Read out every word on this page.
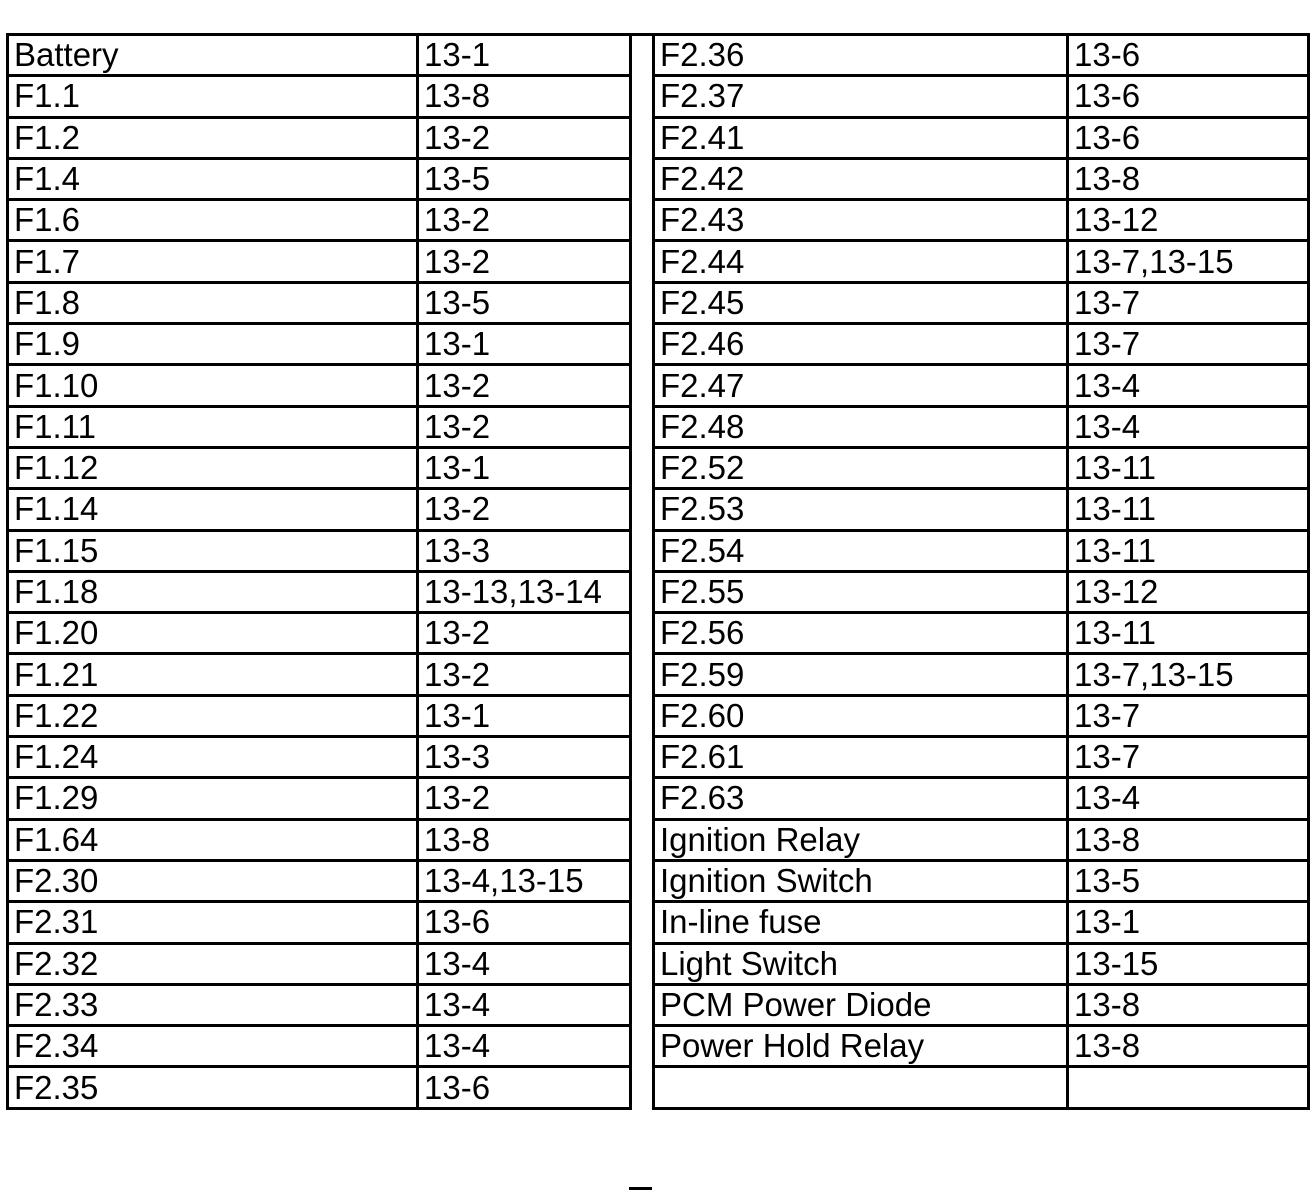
Battery	13-1
F1.1	13-8
F1.2	13-2
F1.4	13-5
F1.6	13-2
F1.7	13-2
F1.8	13-5
F1.9	13-1
F1.10	13-2
F1.11	13-2
F1.12	13-1
F1.14	13-2
F1.15	13-3
F1.18	13-13,13-14
F1.20	13-2
F1.21	13-2
F1.22	13-1
F1.24	13-3
F1.29	13-2
F1.64	13-8
F2.30	13-4,13-15
F2.31	13-6
F2.32	13-4
F2.33	13-4
F2.34	13-4
F2.35	13-6
F2.36	13-6
F2.37	13-6
F2.41	13-6
F2.42	13-8
F2.43	13-12
F2.44	13-7,13-15
F2.45	13-7
F2.46	13-7
F2.47	13-4
F2.48	13-4
F2.52	13-11
F2.53	13-11
F2.54	13-11
F2.55	13-12
F2.56	13-11
F2.59	13-7,13-15
F2.60	13-7
F2.61	13-7
F2.63	13-4
Ignition Relay	13-8
Ignition Switch	13-5
In-line fuse	13-1
Light Switch	13-15
PCM Power Diode	13-8
Power Hold Relay	13-8
